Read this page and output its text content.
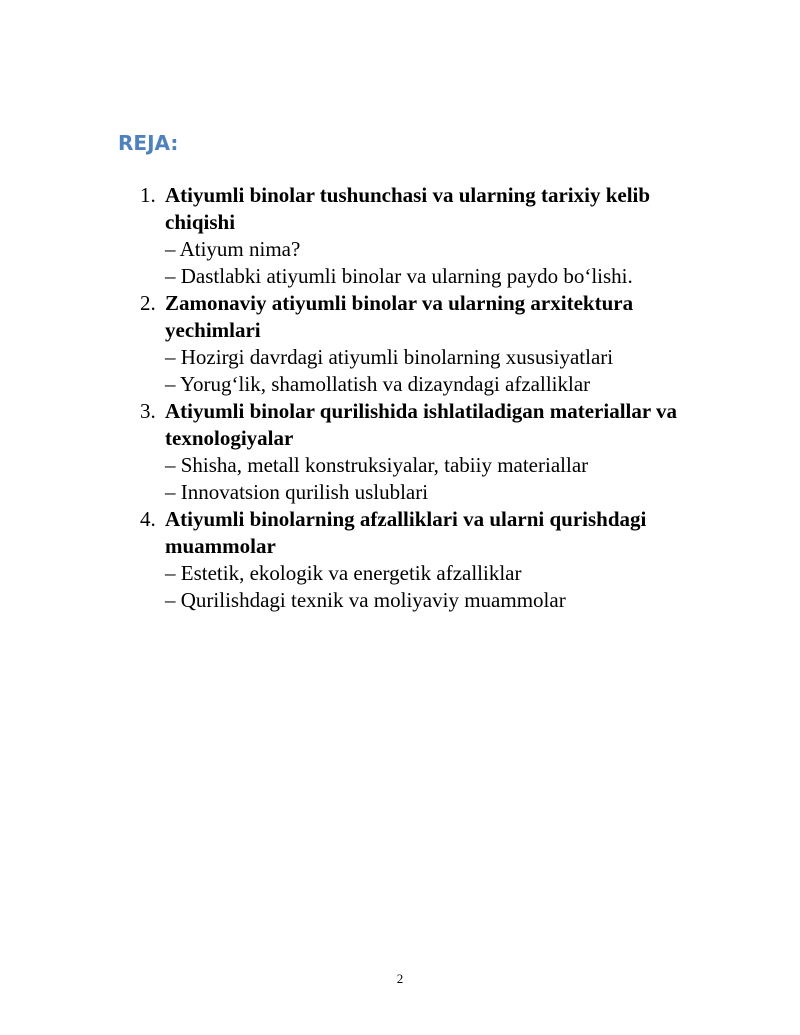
REJA:
1. Atiyumli binolar tushunchasi va ularning tarixiy kelib chiqishi
– Atiyum nima?
– Dastlabki atiyumli binolar va ularning paydo bo‘lishi.
2. Zamonaviy atiyumli binolar va ularning arxitektura yechimlari
– Hozirgi davrdagi atiyumli binolarning xususiyatlari
– Yorug‘lik, shamollatish va dizayndagi afzalliklar
3. Atiyumli binolar qurilishida ishlatiladigan materiallar va texnologiyalar
– Shisha, metall konstruksiyalar, tabiiy materiallar
– Innovatsion qurilish uslublari
4. Atiyumli binolarning afzalliklari va ularni qurishdagi muammolar
– Estetik, ekologik va energetik afzalliklar
– Qurilishdagi texnik va moliyaviy muammolar
2
